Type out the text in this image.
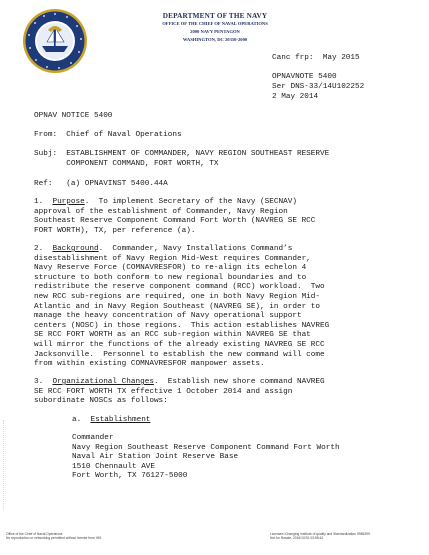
DEPARTMENT OF THE NAVY
OFFICE OF THE CHIEF OF NAVAL OPERATIONS
2000 NAVY PENTAGON
WASHINGTON, DC 20350-2000
Canc frp:  May 2015
OPNAVNOTE 5400
Ser DNS-33/14U102252
2 May 2014
OPNAV NOTICE 5400
From:  Chief of Naval Operations
Subj:  ESTABLISHMENT OF COMMANDER, NAVY REGION SOUTHEAST RESERVE
COMPONENT COMMAND, FORT WORTH, TX
Ref:   (a) OPNAVINST 5400.44A
1.  Purpose.  To implement Secretary of the Navy (SECNAV)
approval of the establishment of Commander, Navy Region
Southeast Reserve Component Command Fort Worth (NAVREG SE RCC
FORT WORTH), TX, per reference (a).
2.  Background.  Commander, Navy Installations Command’s
disestablishment of Navy Region Mid-West requires Commander,
Navy Reserve Force (COMNAVRESFOR) to re-align its echelon 4
structure to both conform to new regional boundaries and to
redistribute the reserve component command (RCC) workload.  Two
new RCC sub-regions are required, one in both Navy Region Mid-
Atlantic and in Navy Region Southeast (NAVREG SE), in order to
manage the heavy concentration of Navy operational support
centers (NOSC) in those regions.  This action establishes NAVREG
SE RCC FORT WORTH as an RCC sub-region within NAVREG SE that
will mirror the functions of the already existing NAVREG SE RCC
Jacksonville.  Personnel to establish the new command will come
from within existing COMNAVRESFOR manpower assets.
3.  Organizational Changes.  Establish new shore command NAVREG
SE RCC FORT WORTH TX effective 1 October 2014 and assign
subordinate NOSCs as follows:
a.  Establishment
Commander
Navy Region Southeast Reserve Component Command Fort Worth
Naval Air Station Joint Reserve Base
1510 Chennault AVE
Fort Worth, TX 76127-5000
Office of the Chief of Naval Operations
No reproduction or networking permitted without license from IHS
Licensee=Changing Institute of quality and Standardization 5986399
Not for Resale, 2016/10/31 03:58:42
